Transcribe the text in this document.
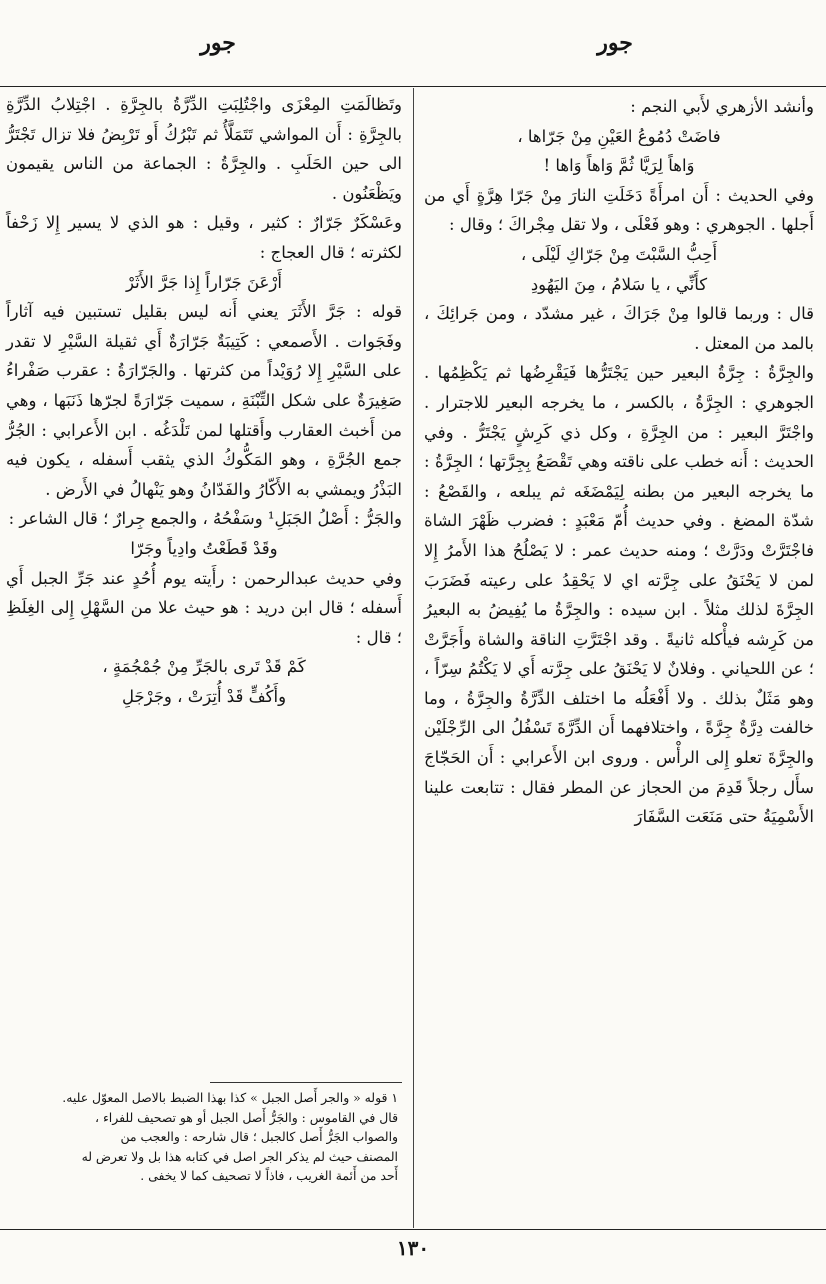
جور
جور

وأنشد الأزهري لأَبي النجم :

فاضَتْ دُمُوعُ العَيْنِ مِنْ جَرّاها ،

وَاهاً لِرَيَّا ثُمَّ وَاهاً وَاها !

وفي الحديث : أَن امرأَةً دَخَلَتِ النارَ مِنْ جَرّا هِرَّةٍ أَي من أَجلها . الجوهري : وهو فَعْلَى ، ولا تقل مِجْراكَ ؛ وقال :

أَحِبُّ السَّبْتَ مِنْ جَرّاكِ لَيْلَى ،

كأَنِّي ، يا سَلامُ ، مِنَ اليَهُودِ

قال : وربما قالوا مِنْ جَرَاكَ ، غير مشدّد ، ومن جَرائِكَ ، بالمد من المعتل .

والجِرَّةُ : جِرَّةُ البعير حين يَجْتَرُّها فَيَقْرِضُها ثم يَكْظِمُها . الجوهري : الجِرَّةُ ، بالكسر ، ما يخرجه البعير للاجترار . واجْتَرَّ البعير : من الجِرَّةِ ، وكل ذي كَرِشٍ يَجْتَرُّ . وفي الحديث : أَنه خطب على ناقته وهي تَقْصَعُ بِجِرَّتها ؛ الجِرَّةُ : ما يخرجه البعير من بطنه لِيَمْضَغَه ثم يبلعه ، والقَصْعُ : شدّة المضغ . وفي حديث أُمّ مَعْبَدٍ : فضرب ظَهْرَ الشاة فاجْتَرَّتْ ودَرَّتْ ؛ ومنه حديث عمر : لا يَصْلُحُ هذا الأَمرُ إِلا لمن لا يَحْنَقُ على جِرَّته اي لا يَحْقِدُ على رعيته فَضَرَبَ الجِرَّةَ لذلك مثلاً . ابن سيده : والجِرَّةُ ما يُفِيضُ به البعيرُ من كَرِشه فيأْكله ثانيةً . وقد اجْتَرَّتِ الناقة والشاة وأَجَرَّتْ ؛ عن اللحياني . وفلانٌ لا يَحْنَقُ على جِرَّته أَي لا يَكْتُمُ سِرّاً ، وهو مَثَلٌ بذلك . ولا أَفْعَلُه ما اختلف الدِّرَّةُ والجِرَّةُ ، وما خالفت دِرَّةٌ جِرَّةً ، واختلافهما أَن الدِّرَّةَ تَسْفُلُ الى الرِّجْلَيْن والجِرَّةَ تعلو إِلى الرأْس . وروى ابن الأَعرابي : أَن الحَجّاجَ سأَل رجلاً قَدِمَ من الحجاز عن المطر فقال : تتابعت علينا الأَسْمِيَةُ حتى مَنَعَت السَّفَارَ

وتَظالَمَتِ المِعْزَى واجْتُلِبَتِ الدِّرَّةُ بالجِرَّةِ . اجْتِلابُ الدِّرَّةِ بالجِرَّةِ : أَن المواشي تَتَمَلَّأُ ثم تَبْرُكُ أَو تَرْبِضُ فلا تزال تَجْتَرُّ الى حين الحَلَبِ . والجِرَّةُ : الجماعة من الناس يقيمون ويَظْعَنُون .

وعَسْكَرٌ جَرّارٌ : كثير ، وقيل : هو الذي لا يسير إِلا زَحْفاً لكثرته ؛ قال العجاج :

أَرْعَنَ جَرّاراً إِذا جَرَّ الأَثَرْ

قوله : جَرَّ الأَثَرَ يعني أَنه ليس بقليل تستبين فيه آثاراً وفَجَوات . الأَصمعي : كَتِيبَةٌ جَرّارَةٌ أَي ثقيلة السَّيْرِ لا تقدر على السَّيْرِ إِلا رُوَيْداً من كثرتها . والجَرّارَةُ : عقرب صَفْراءُ صَغِيرَةٌ على شكل التِّبْنَةِ ، سميت جَرّارَةً لجرّها ذَنَبَها ، وهي من أَخبث العقارب وأَقتلها لمن تَلْدَغُه . ابن الأَعرابي : الجُرُّ جمع الجُرَّةِ ، وهو المَكُّوكُ الذي يثقب أَسفله ، يكون فيه البَذْرُ ويمشي به الأَكّارُ والفَدّانُ وهو يَنْهالُ في الأَرض .

والجَرُّ : أَصْلُ الجَبَلِ¹ وسَفْحُهُ ، والجمع جِرارٌ ؛ قال الشاعر :

وقَدْ قَطَعْتُ وادِياً وجَرّا

وفي حديث عبدالرحمن : رأَيته يوم أُحُدٍ عند جَرِّ الجبل أَي أَسفله ؛ قال ابن دريد : هو حيث علا من السَّهْلِ إِلى الغِلَظِ ؛ قال :

كَمْ قَدْ تَرى بالجَرِّ مِنْ جُمْجُمَةٍ ،

وأَكُفٍّ قَدْ أُتِرَتْ ، وجَرْجَلِ

١ قوله « والجر أَصل الجبل » كذا بهذا الضبط بالاصل المعوّل عليه.

قال في القاموس : والجَرُّ أَصل الجبل أو هو تصحيف للفراء ،

والصواب الجَرُّ أَصل كالجبل ؛ قال شارحه : والعجب من

المصنف حيث لم يذكر الجر اصل في كتابه هذا بل ولا تعرض له

أَحد من أَئمة الغريب ، فاذاً لا تصحيف كما لا يخفى .

١٣٠
